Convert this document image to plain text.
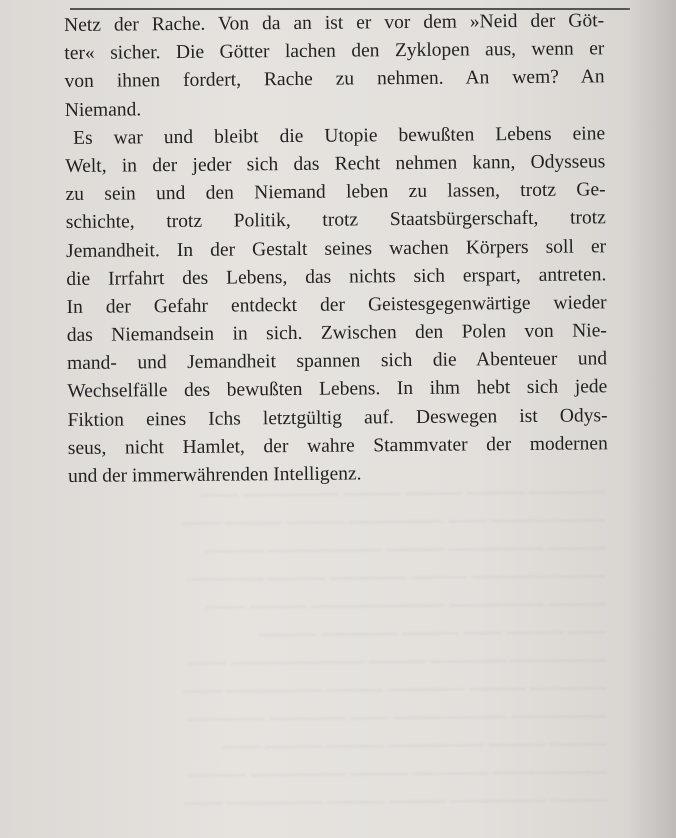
———— ——— ——— ——— ————— ——
—————— —— ————— ——— ——— ——
——— ————— ——— —————— ———
——————— ——— ———— ——— ————
——— ————— ——————— ——— ——
—— ——— —— ——— ———— ———
————— ———— ——— ——————— ——
———— ——— ———— ——— ————— ——
————— —————— —— ———— ————
——— ——— ————— ——— ——— ——
—————— ———— ——— ————— ———
——— ————— ——— ——— ————— ——
Netz der Rache. Von da an ist er vor dem »Neid der Göt-
ter« sicher. Die Götter lachen den Zyklopen aus, wenn er
von ihnen fordert, Rache zu nehmen. An wem? An
Niemand.
Es war und bleibt die Utopie bewußten Lebens eine
Welt, in der jeder sich das Recht nehmen kann, Odysseus
zu sein und den Niemand leben zu lassen, trotz Ge-
schichte, trotz Politik, trotz Staatsbürgerschaft, trotz
Jemandheit. In der Gestalt seines wachen Körpers soll er
die Irrfahrt des Lebens, das nichts sich erspart, antreten.
In der Gefahr entdeckt der Geistesgegenwärtige wieder
das Niemandsein in sich. Zwischen den Polen von Nie-
mand- und Jemandheit spannen sich die Abenteuer und
Wechselfälle des bewußten Lebens. In ihm hebt sich jede
Fiktion eines Ichs letztgültig auf. Deswegen ist Odys-
seus, nicht Hamlet, der wahre Stammvater der modernen
und der immerwährenden Intelligenz.
